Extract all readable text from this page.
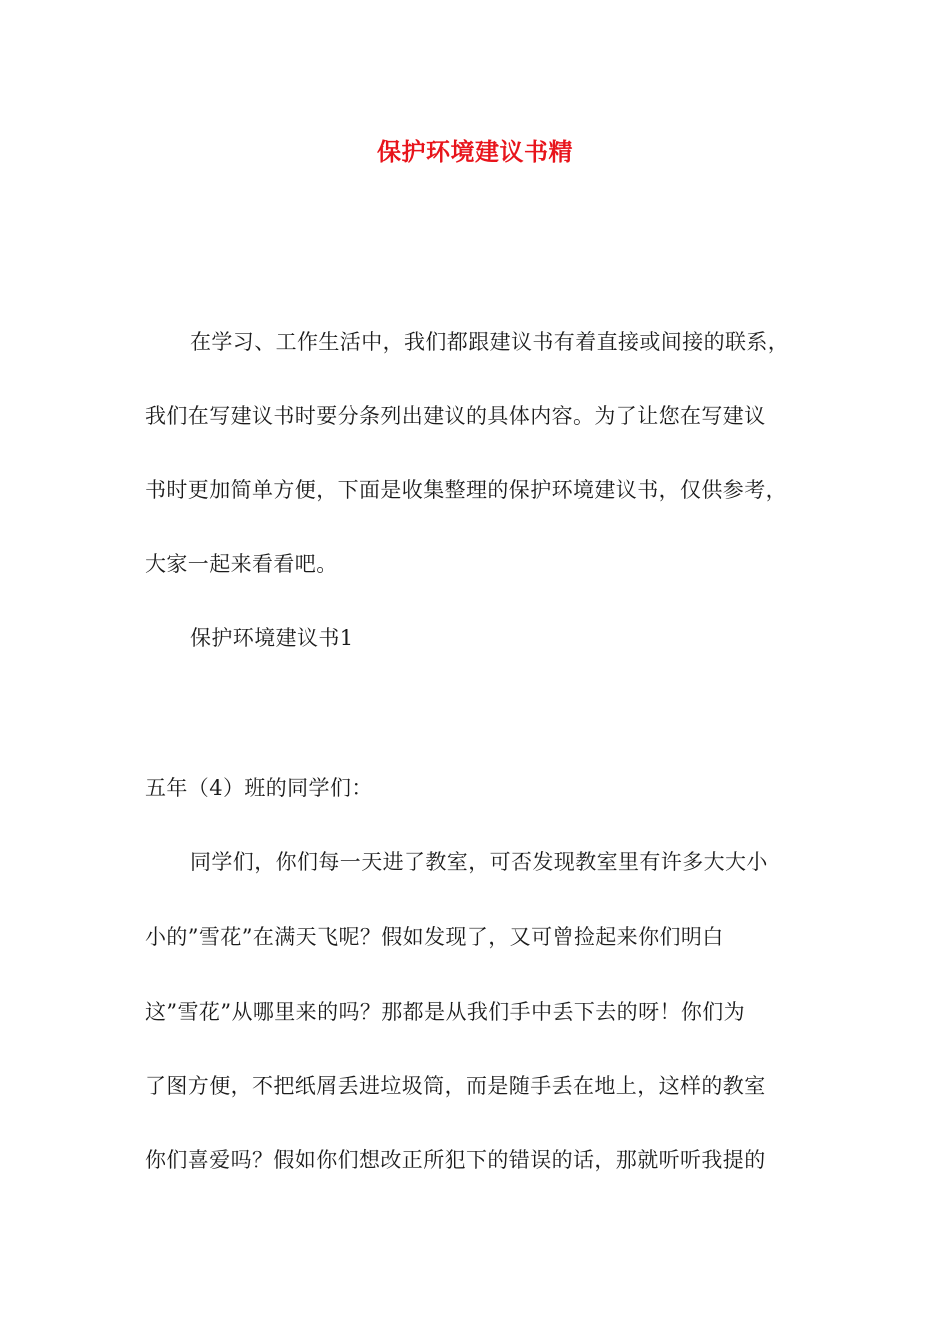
保护环境建议书精
在学习、工作生活中，我们都跟建议书有着直接或间接的联系，
我们在写建议书时要分条列出建议的具体内容。为了让您在写建议
书时更加简单方便，下面是收集整理的保护环境建议书，仅供参考，
大家一起来看看吧。
保护环境建议书1
五年（4）班的同学们：
同学们，你们每一天进了教室，可否发现教室里有许多大大小
小的”雪花”在满天飞呢？假如发现了，又可曾捡起来你们明白
这”雪花”从哪里来的吗？那都是从我们手中丢下去的呀！你们为
了图方便，不把纸屑丢进垃圾筒，而是随手丢在地上，这样的教室
你们喜爱吗？假如你们想改正所犯下的错误的话，那就听听我提的
